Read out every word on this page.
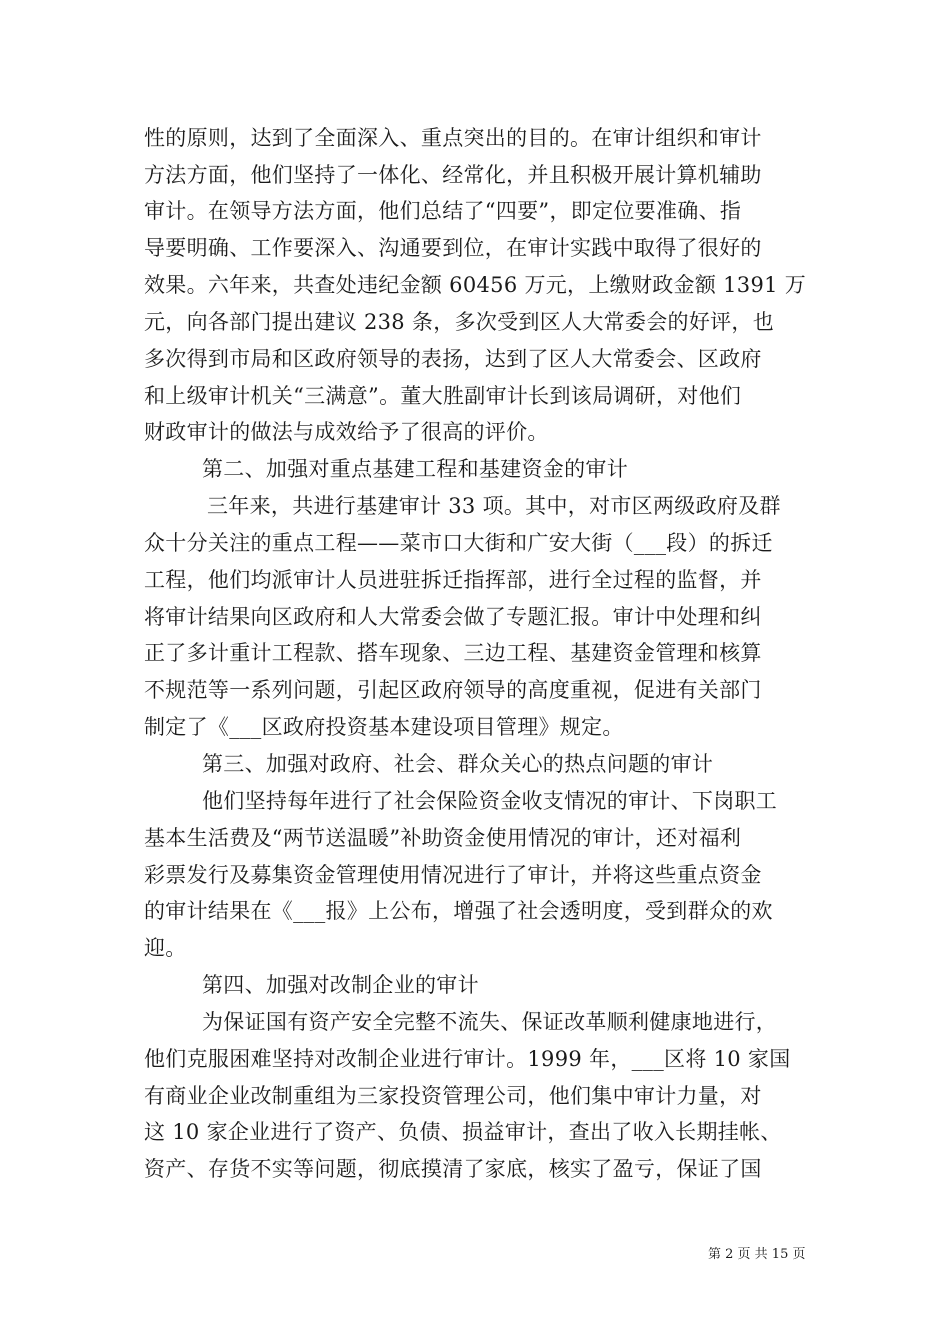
性的原则，达到了全面深入、重点突出的目的。在审计组织和审计
方法方面，他们坚持了一体化、经常化，并且积极开展计算机辅助
审计。在领导方法方面，他们总结了“四要”，即定位要准确、指
导要明确、工作要深入、沟通要到位，在审计实践中取得了很好的
效果。六年来，共查处违纪金额 60456 万元，上缴财政金额 1391 万
元，向各部门提出建议 238 条，多次受到区人大常委会的好评，也
多次得到市局和区政府领导的表扬，达到了区人大常委会、区政府
和上级审计机关“三满意”。董大胜副审计长到该局调研，对他们
财政审计的做法与成效给予了很高的评价。
第二、加强对重点基建工程和基建资金的审计
三年来，共进行基建审计 33 项。其中，对市区两级政府及群
众十分关注的重点工程——菜市口大街和广安大街（___段）的拆迁
工程，他们均派审计人员进驻拆迁指挥部，进行全过程的监督，并
将审计结果向区政府和人大常委会做了专题汇报。审计中处理和纠
正了多计重计工程款、搭车现象、三边工程、基建资金管理和核算
不规范等一系列问题，引起区政府领导的高度重视，促进有关部门
制定了《___区政府投资基本建设项目管理》规定。
第三、加强对政府、社会、群众关心的热点问题的审计
他们坚持每年进行了社会保险资金收支情况的审计、下岗职工
基本生活费及“两节送温暖”补助资金使用情况的审计，还对福利
彩票发行及募集资金管理使用情况进行了审计，并将这些重点资金
的审计结果在《___报》上公布，增强了社会透明度，受到群众的欢
迎。
第四、加强对改制企业的审计
为保证国有资产安全完整不流失、保证改革顺利健康地进行，
他们克服困难坚持对改制企业进行审计。1999 年，___区将 10 家国
有商业企业改制重组为三家投资管理公司，他们集中审计力量，对
这 10 家企业进行了资产、负债、损益审计，查出了收入长期挂帐、
资产、存货不实等问题，彻底摸清了家底，核实了盈亏，保证了国
第 2 页 共 15 页
